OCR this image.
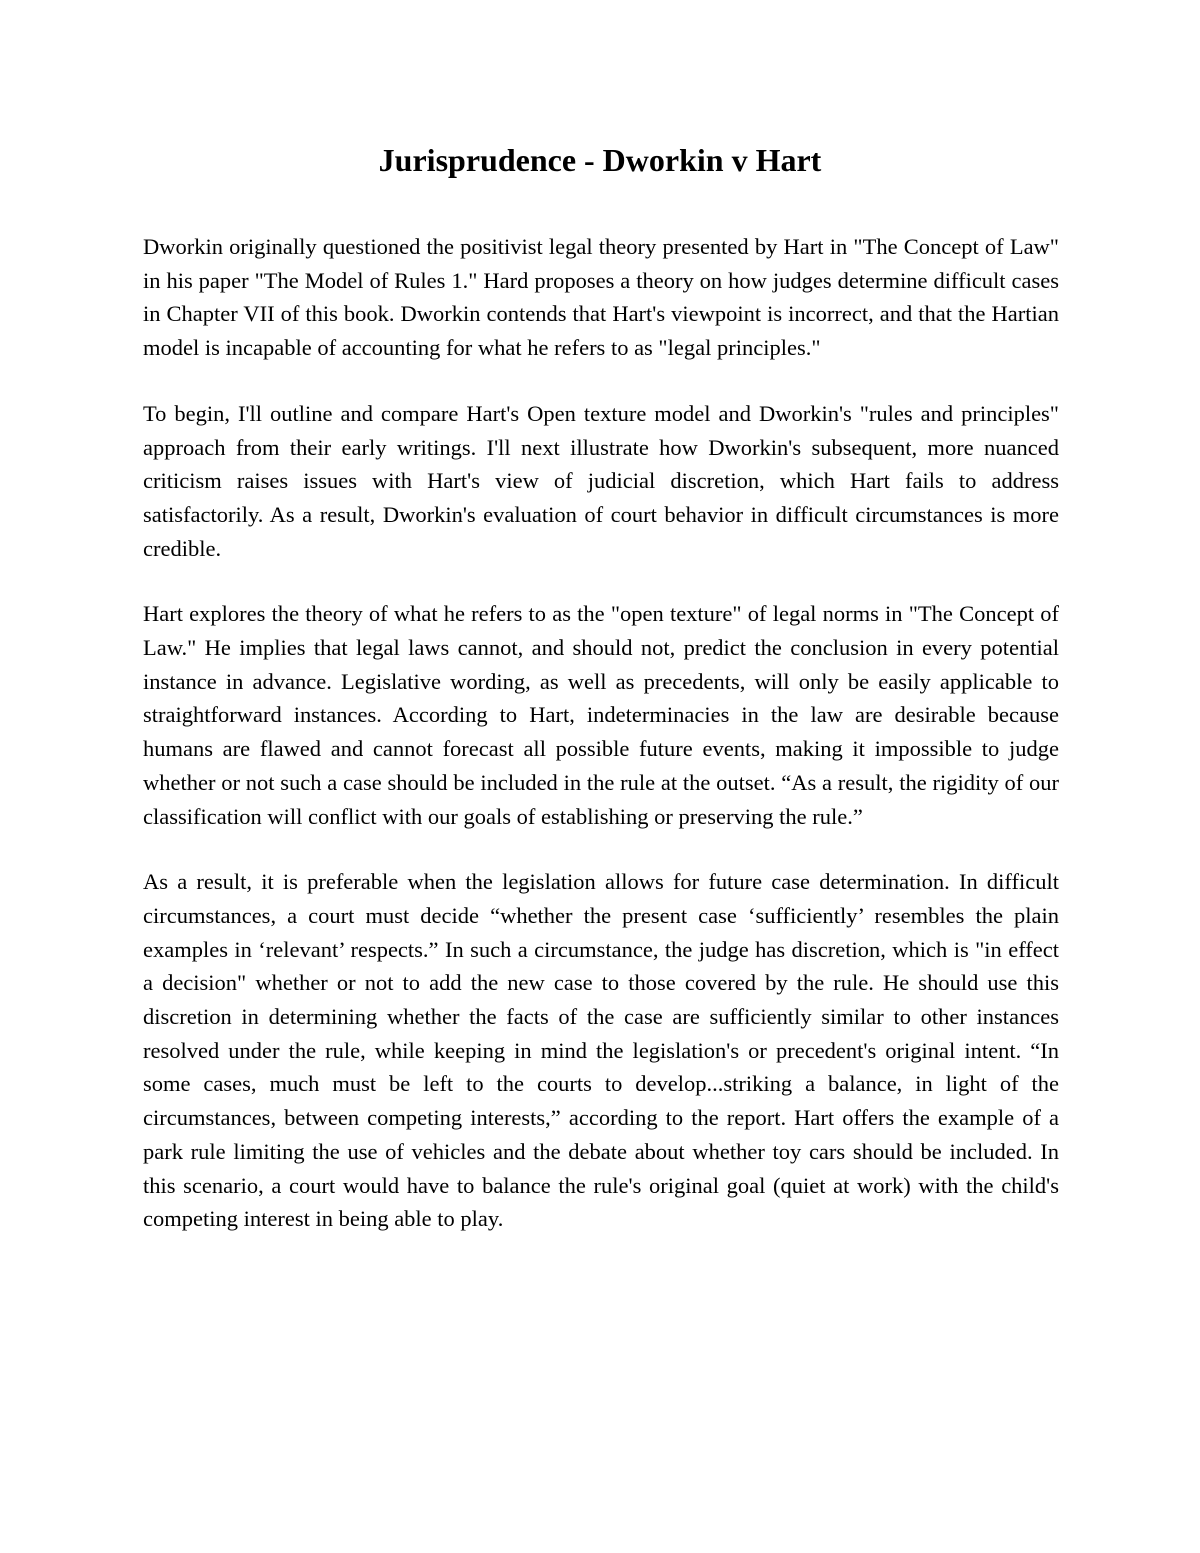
Jurisprudence - Dworkin v Hart

Dworkin originally questioned the positivist legal theory presented by Hart in "The Concept of Law" in his paper "The Model of Rules 1." Hard proposes a theory on how judges determine difficult cases in Chapter VII of this book. Dworkin contends that Hart's viewpoint is incorrect, and that the Hartian model is incapable of accounting for what he refers to as "legal principles."

To begin, I'll outline and compare Hart's Open texture model and Dworkin's "rules and principles" approach from their early writings. I'll next illustrate how Dworkin's subsequent, more nuanced criticism raises issues with Hart's view of judicial discretion, which Hart fails to address satisfactorily. As a result, Dworkin's evaluation of court behavior in difficult circumstances is more credible.

Hart explores the theory of what he refers to as the "open texture" of legal norms in "The Concept of Law." He implies that legal laws cannot, and should not, predict the conclusion in every potential instance in advance. Legislative wording, as well as precedents, will only be easily applicable to straightforward instances. According to Hart, indeterminacies in the law are desirable because humans are flawed and cannot forecast all possible future events, making it impossible to judge whether or not such a case should be included in the rule at the outset. “As a result, the rigidity of our classification will conflict with our goals of establishing or preserving the rule.”

As a result, it is preferable when the legislation allows for future case determination. In difficult circumstances, a court must decide “whether the present case ‘sufficiently’ resembles the plain examples in ‘relevant’ respects.” In such a circumstance, the judge has discretion, which is "in effect a decision" whether or not to add the new case to those covered by the rule. He should use this discretion in determining whether the facts of the case are sufficiently similar to other instances resolved under the rule, while keeping in mind the legislation's or precedent's original intent. “In some cases, much must be left to the courts to develop...striking a balance, in light of the circumstances, between competing interests,” according to the report. Hart offers the example of a park rule limiting the use of vehicles and the debate about whether toy cars should be included. In this scenario, a court would have to balance the rule's original goal (quiet at work) with the child's competing interest in being able to play.
